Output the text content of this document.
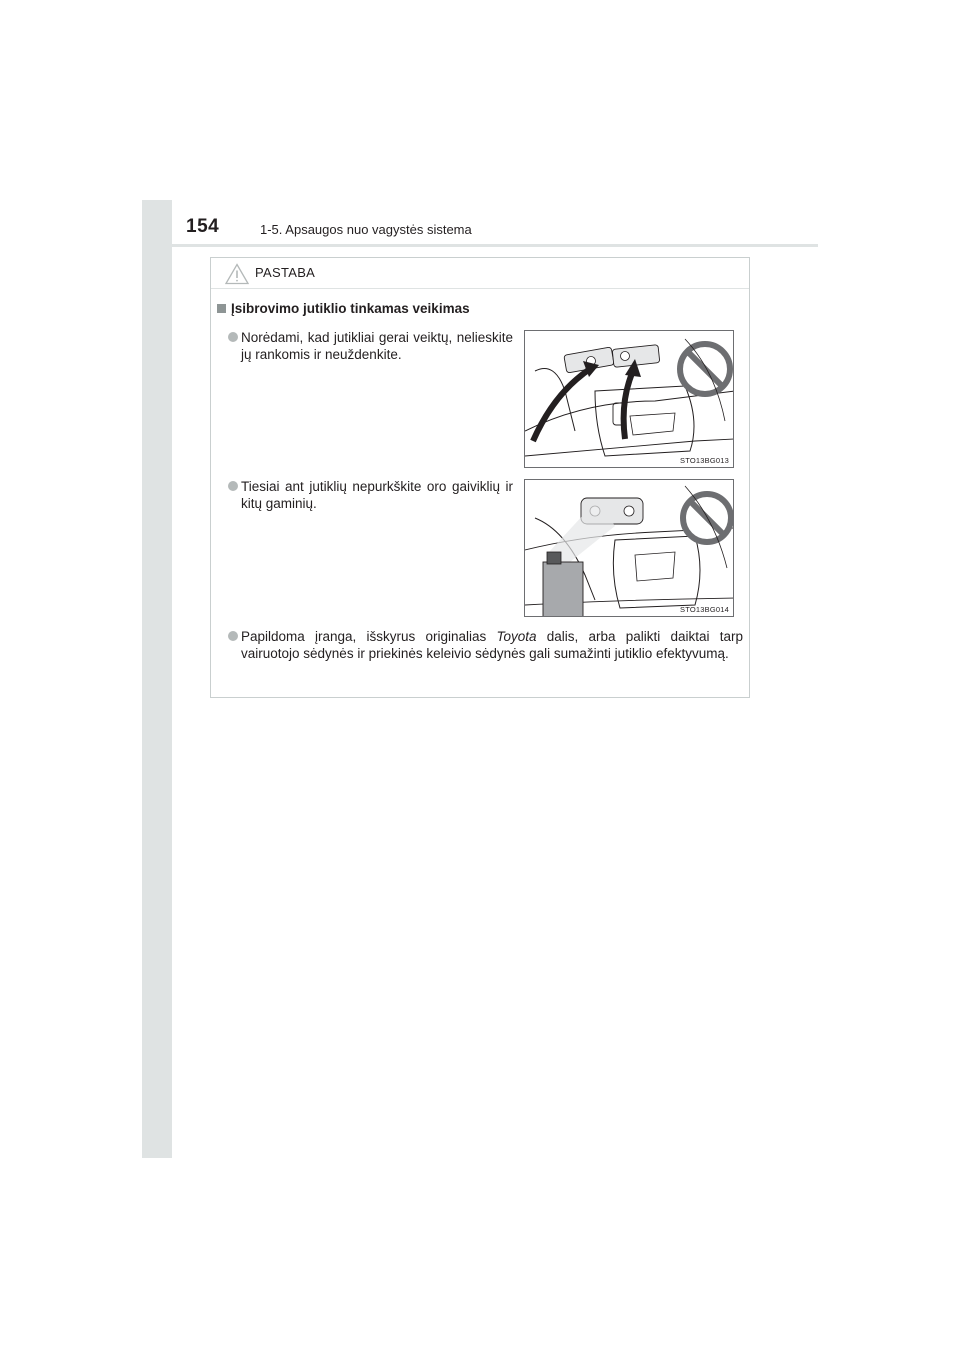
154	1-5. Apsaugos nuo vagystės sistema
PASTABA
Įsibrovimo jutiklio tinkamas veikimas
Norėdami, kad jutikliai gerai veiktų, nelieskite jų rankomis ir neuždenkite.
STO13BG013
Tiesiai ant jutiklių nepurkškite oro gaiviklių ir kitų gaminių.
STO13BG014
Papildoma įranga, išskyrus originalias Toyota dalis, arba palikti daiktai tarp vairuotojo sėdynės ir priekinės keleivio sėdynės gali sumažinti jutiklio efektyvumą.
